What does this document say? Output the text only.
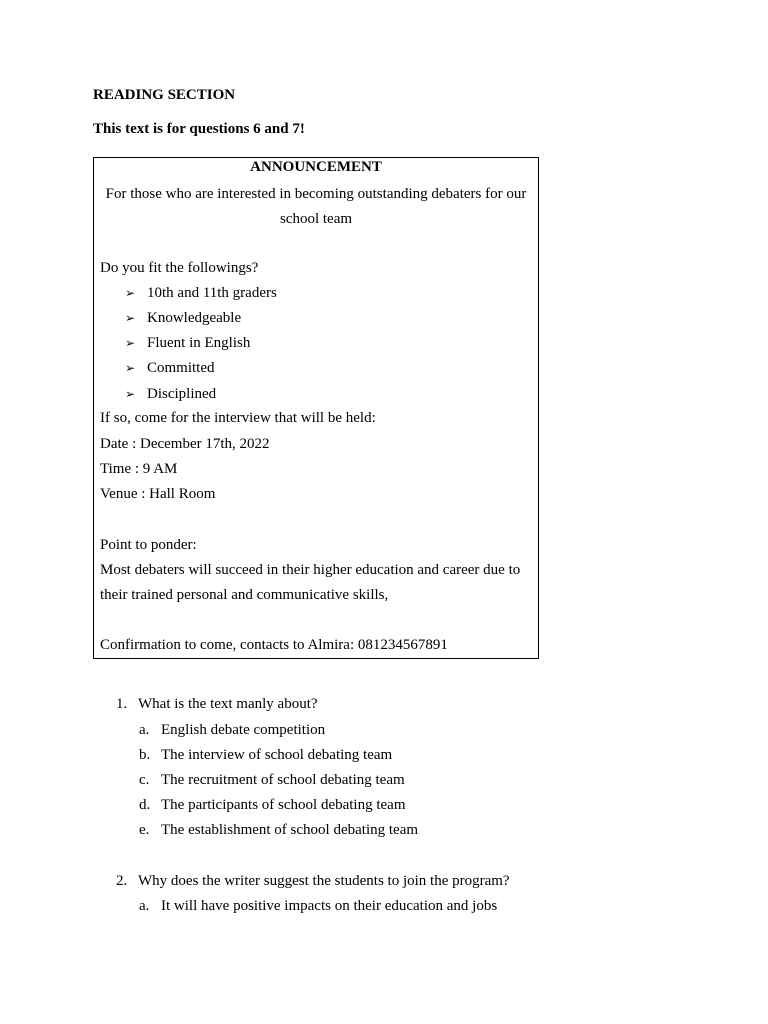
READING SECTION
This text is for questions 6 and 7!
ANNOUNCEMENT
For those who are interested in becoming outstanding debaters for our school team
Do you fit the followings?
➢ 10th and 11th graders
➢ Knowledgeable
➢ Fluent in English
➢ Committed
➢ Disciplined
If so, come for the interview that will be held:
Date : December 17th, 2022
Time : 9 AM
Venue : Hall Room
Point to ponder:
Most debaters will succeed in their higher education and career due to
their trained personal and communicative skills,
Confirmation to come, contacts to Almira: 081234567891
1. What is the text manly about?
a. English debate competition
b. The interview of school debating team
c. The recruitment of school debating team
d. The participants of school debating team
e. The establishment of school debating team
2. Why does the writer suggest the students to join the program?
a. It will have positive impacts on their education and jobs
